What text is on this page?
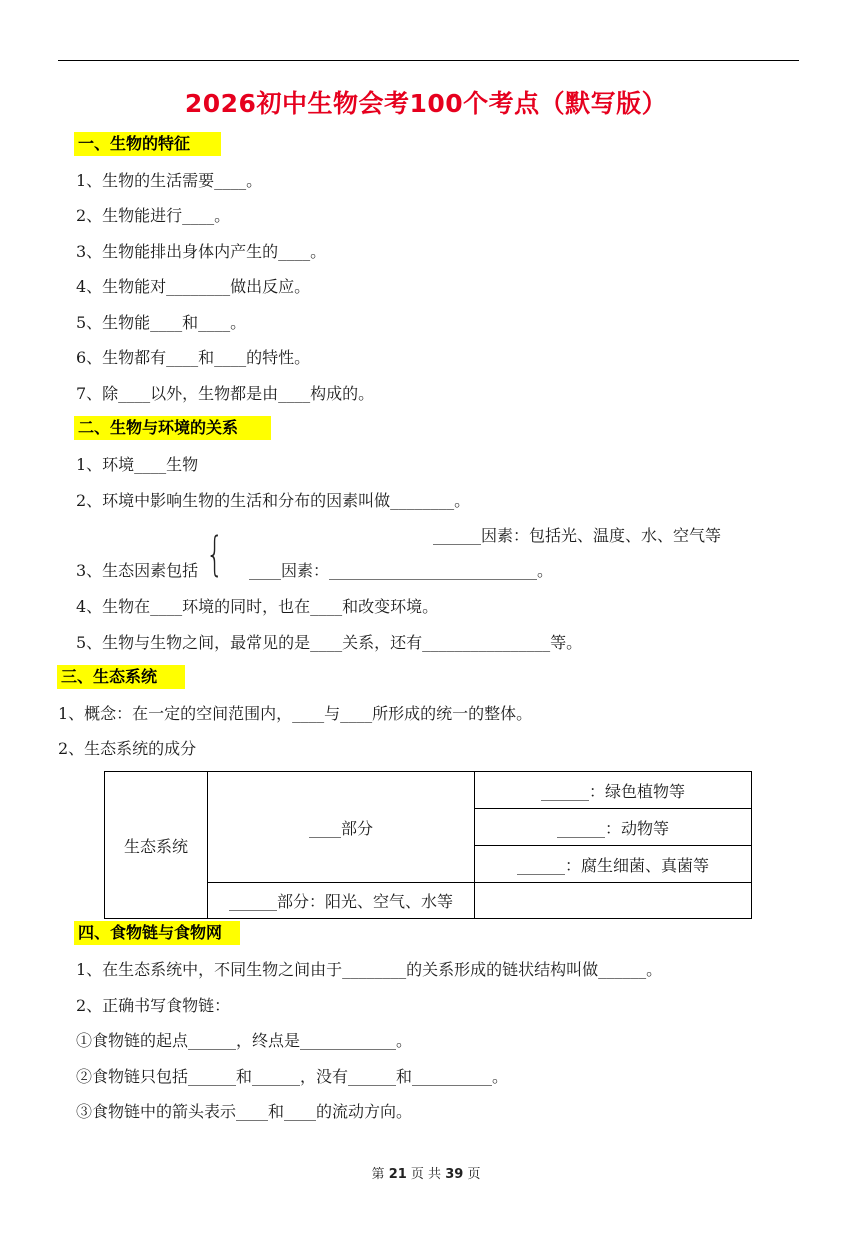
2026初中生物会考100个考点（默写版）
一、生物的特征
1、生物的生活需要____。
2、生物能进行____。
3、生物能排出身体内产生的____。
4、生物能对________做出反应。
5、生物能____和____。
6、生物都有____和____的特性。
7、除____以外，生物都是由____构成的。
二、生物与环境的关系
1、环境____生物
2、环境中影响生物的生活和分布的因素叫做________。
______因素：包括光、温度、水、空气等
3、生态因素包括 { ____因素：__________________________。
4、生物在____环境的同时，也在____和改变环境。
5、生物与生物之间，最常见的是____关系，还有________________等。
三、生态系统
1、概念：在一定的空间范围内，____与____所形成的统一的整体。
2、生态系统的成分
生态系统	____部分	______：绿色植物等
		______：动物等
		______：腐生细菌、真菌等
	______部分：阳光、空气、水等	
四、食物链与食物网
1、在生态系统中，不同生物之间由于________的关系形成的链状结构叫做______。
2、正确书写食物链：
①食物链的起点______，终点是____________。
②食物链只包括______和______，没有______和__________。
③食物链中的箭头表示____和____的流动方向。
第 21 页 共 39 页
